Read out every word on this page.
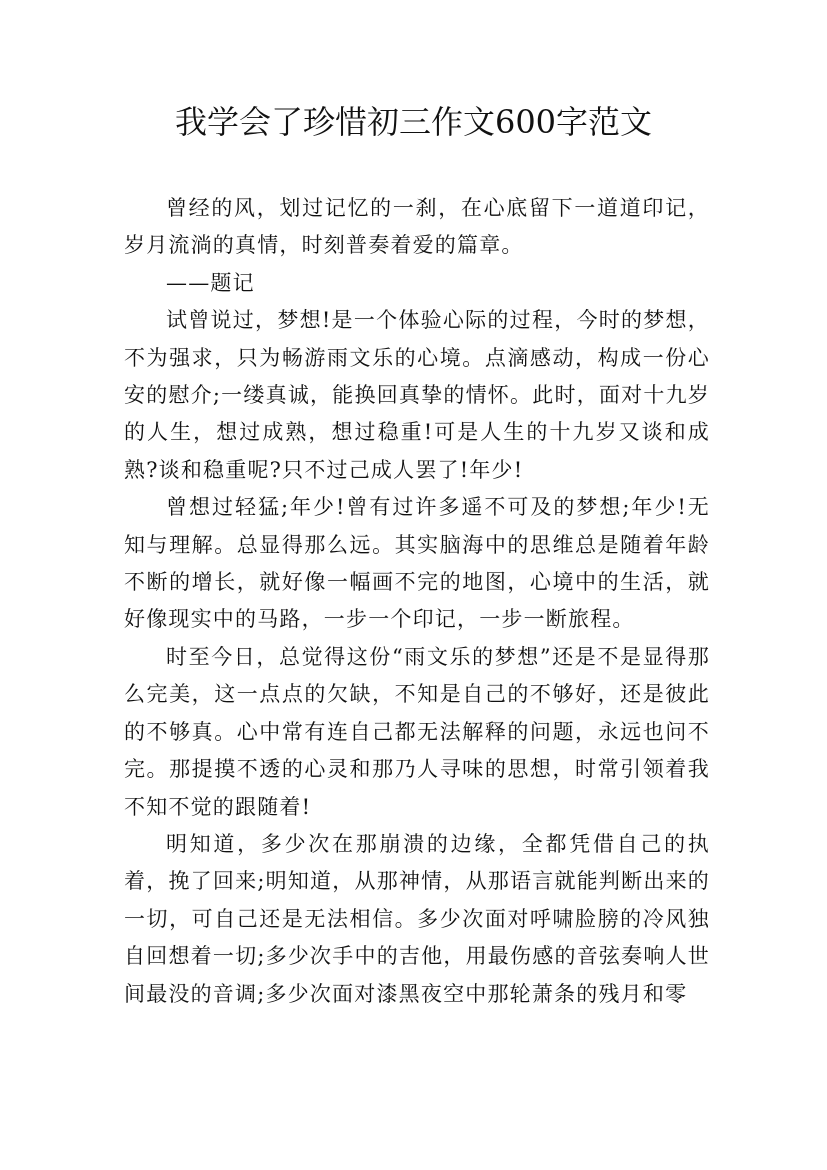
我学会了珍惜初三作文600字范文

曾经的风，划过记忆的一刹，在心底留下一道道印记，岁月流淌的真情，时刻普奏着爱的篇章。

——题记

试曾说过，梦想!是一个体验心际的过程，今时的梦想，不为强求，只为畅游雨文乐的心境。点滴感动，构成一份心安的慰介;一缕真诚，能换回真挚的情怀。此时，面对十九岁的人生，想过成熟，想过稳重!可是人生的十九岁又谈和成熟?谈和稳重呢?只不过己成人罢了!年少!

曾想过轻猛;年少!曾有过许多遥不可及的梦想;年少!无知与理解。总显得那么远。其实脑海中的思维总是随着年龄不断的增长，就好像一幅画不完的地图，心境中的生活，就好像现实中的马路，一步一个印记，一步一断旅程。

时至今日，总觉得这份“雨文乐的梦想”还是不是显得那么完美，这一点点的欠缺，不知是自己的不够好，还是彼此的不够真。心中常有连自己都无法解释的问题，永远也问不完。那提摸不透的心灵和那乃人寻味的思想，时常引领着我不知不觉的跟随着!

明知道，多少次在那崩溃的边缘，全都凭借自己的执着，挽了回来;明知道，从那神情，从那语言就能判断出来的一切，可自己还是无法相信。多少次面对呼啸脸膀的冷风独自回想着一切;多少次手中的吉他，用最伤感的音弦奏响人世间最没的音调;多少次面对漆黑夜空中那轮萧条的残月和零
